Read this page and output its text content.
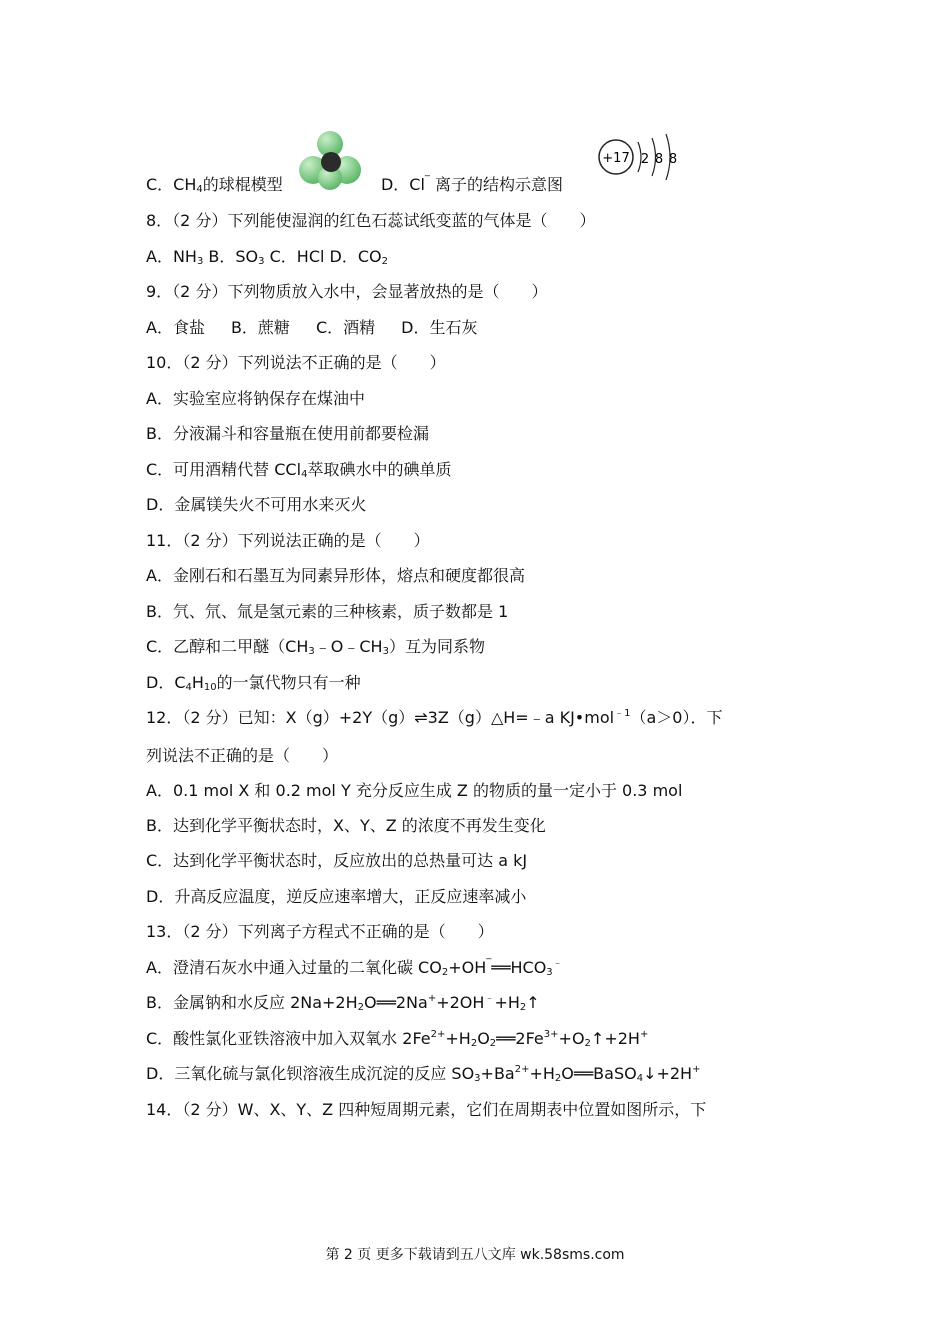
C．$CH_4$的球棍模型	D．Cl‾ 离子的结构示意图
+17 2 8 8
8．（2 分）下列能使湿润的红色石蕊试纸变蓝的气体是（　　）
A．$NH_3$ B．$SO_3$ C．HCl D．$CO_2$
9．（2 分）下列物质放入水中，会显著放热的是（　　）
A．食盐 B．蔗糖 C．酒精 D．生石灰
10．（2 分）下列说法不正确的是（　　）
A．实验室应将钠保存在煤油中
B．分液漏斗和容量瓶在使用前都要检漏
C．可用酒精代替 CCl$_4$萃取碘水中的碘单质
D．金属镁失火不可用水来灭火
11．（2 分）下列说法正确的是（　　）
A．金刚石和石墨互为同素异形体，熔点和硬度都很高
B．氕、氘、氚是氢元素的三种核素，质子数都是 1
C．乙醇和二甲醚$(CH_3﹣O﹣CH_3)$互为同系物
D．$C_4H_{10}$的一氯代物只有一种
12．（2 分）已知：X（g）+2Y（g）⇌3Z（g）△H=﹣a KJ•mol$^{﹣1}$（a＞0）．下
列说法不正确的是（　　）
A．0.1 mol X 和 0.2 mol Y 充分反应生成 Z 的物质的量一定小于 0.3 mol
B．达到化学平衡状态时，X、Y、Z 的浓度不再发生变化
C．达到化学平衡状态时，反应放出的总热量可达 a kJ
D．升高反应温度，逆反应速率增大，正反应速率减小
13．（2 分）下列离子方程式不正确的是（　　）
A．澄清石灰水中通入过量的二氧化碳 $CO_2+OH^‾══HCO_3^﹣$
B．金属钠和水反应 $2Na+2H_2O══2Na^++2OH^﹣+H_2↑$
C．酸性氯化亚铁溶液中加入双氧水 $2Fe^{2+}+H_2O_2══2Fe^{3+}+O_2↑+2H^+$
D．三氧化硫与氯化钡溶液生成沉淀的反应 $SO_3+Ba^{2+}+H_2O══BaSO_4↓+2H^+$
14．（2 分）W、X、Y、Z 四种短周期元素，它们在周期表中位置如图所示，下
第 2 页 更多下载请到五八文库 wk.58sms.com
